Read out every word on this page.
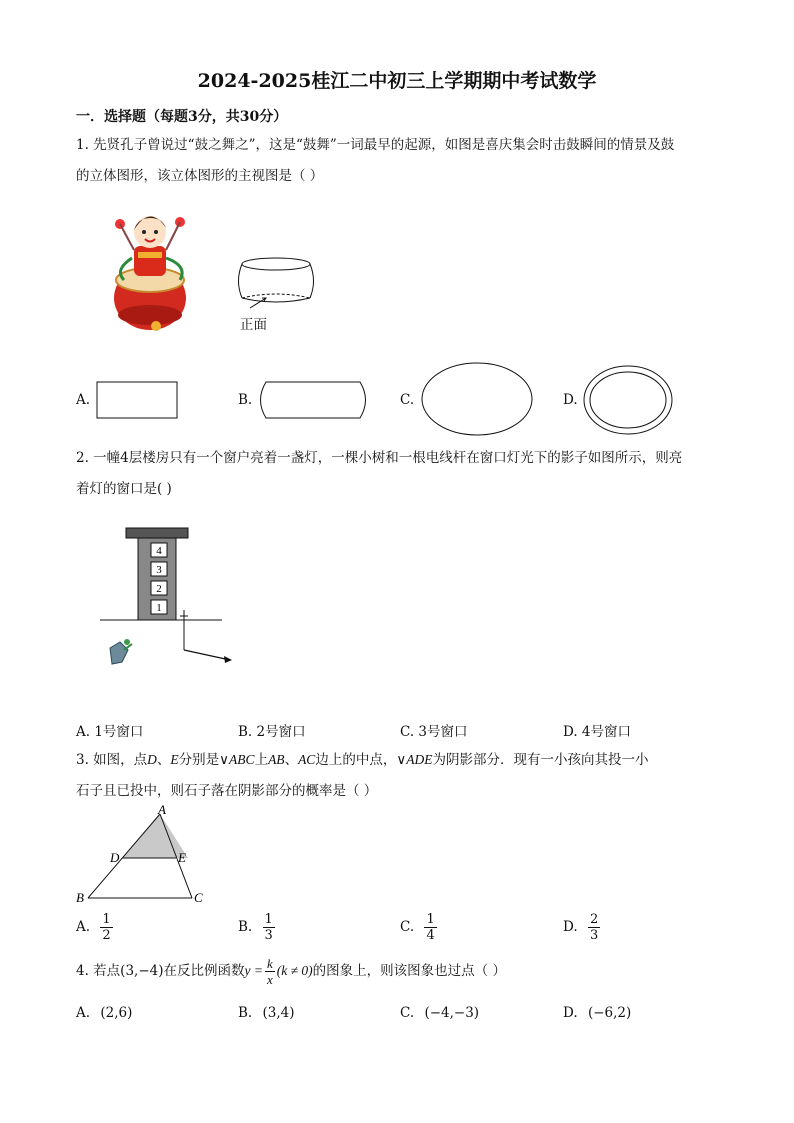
2024-2025桂江二中初三上学期期中考试数学
一．选择题（每题3分，共30分）
1. 先贤孔子曾说过“鼓之舞之”，这是“鼓舞”一词最早的起源，如图是喜庆集会时击鼓瞬间的情景及鼓
的立体图形，该立体图形的主视图是（ ）
正面
A.	B.	C.	D.
2. 一幢4层楼房只有一个窗户亮着一盏灯，一棵小树和一根电线杆在窗口灯光下的影子如图所示，则亮
着灯的窗口是( )
4
3
2
1
A. 1号窗口	B. 2号窗口	C. 3号窗口	D. 4号窗口
3. 如图，点D、E分别是∨ABC上AB、AC边上的中点，∨ADE为阴影部分．现有一小孩向其投一小
石子且已投中，则石子落在阴影部分的概率是（ ）
A
D	E
B	C
A. $\frac{1}{2}$	B. $\frac{1}{3}$	C. $\frac{1}{4}$	D. $\frac{2}{3}$
4. 若点(3,−4)在反比例函数$y = \frac{k}{x} (k \ne 0)$的图象上，则该图象也过点（ ）
A. (2,6)	B. (3,4)	C. (−4,−3)	D. (−6,2)
